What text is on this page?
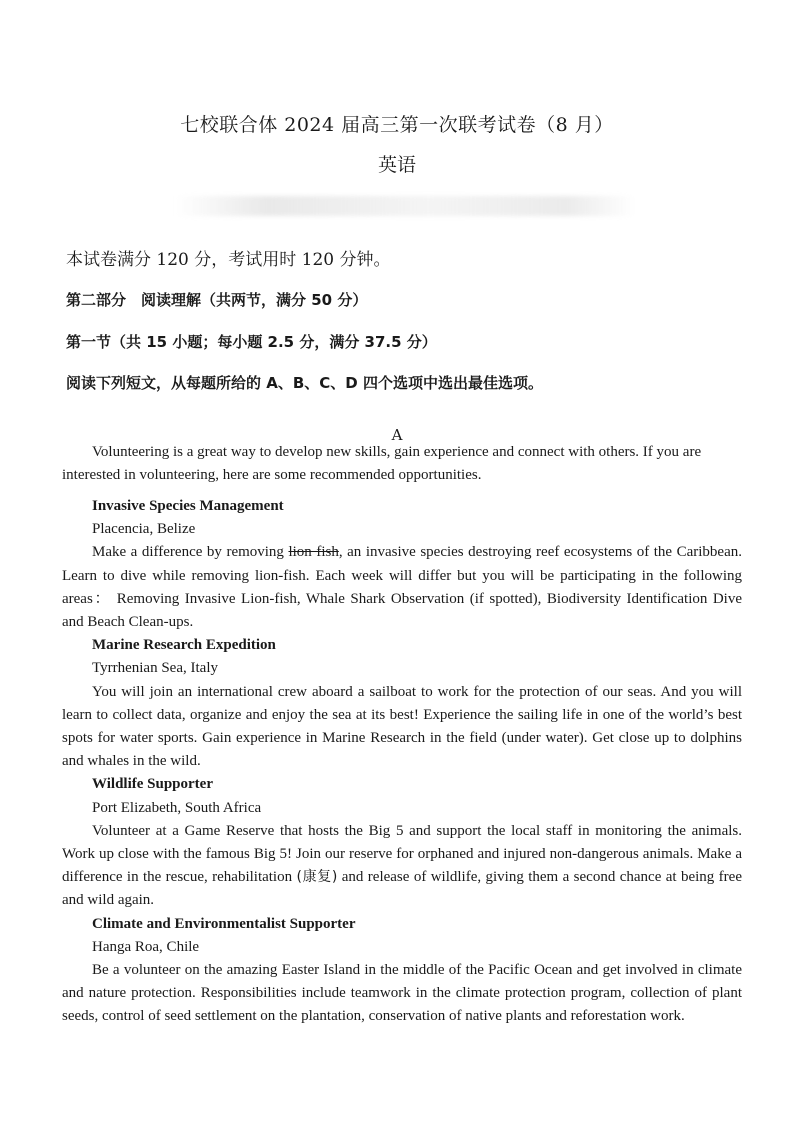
七校联合体 2024 届高三第一次联考试卷（8 月）
英语
本试卷满分 120 分，考试用时 120 分钟。
第二部分　阅读理解（共两节，满分 50 分）
第一节（共 15 小题；每小题 2.5 分，满分 37.5 分）
阅读下列短文，从每题所给的 A、B、C、D 四个选项中选出最佳选项。
A

Volunteering is a great way to develop new skills, gain experience and connect with others. If you are

interested in volunteering, here are some recommended opportunities.

Invasive Species Management

Placencia, Belize

Make a difference by removing lion fish, an invasive species destroying reef ecosystems of the Caribbean. Learn to dive while removing lion-fish. Each week will differ but you will be participating in the following areas： Removing Invasive Lion-fish, Whale Shark Observation (if spotted), Biodiversity Identification Dive and Beach Clean-ups.

Marine Research Expedition

Tyrrhenian Sea, Italy

You will join an international crew aboard a sailboat to work for the protection of our seas. And you will learn to collect data, organize and enjoy the sea at its best! Experience the sailing life in one of the world’s best spots for water sports. Gain experience in Marine Research in the field (under water). Get close up to dolphins and whales in the wild.

Wildlife Supporter

Port Elizabeth, South Africa

Volunteer at a Game Reserve that hosts the Big 5 and support the local staff in monitoring the animals. Work up close with the famous Big 5! Join our reserve for orphaned and injured non-dangerous animals. Make a difference in the rescue, rehabilitation (康复) and release of wildlife, giving them a second chance at being free and wild again.

Climate and Environmentalist Supporter

Hanga Roa, Chile

Be a volunteer on the amazing Easter Island in the middle of the Pacific Ocean and get involved in climate and nature protection. Responsibilities include teamwork in the climate protection program, collection of plant seeds, control of seed settlement on the plantation, conservation of native plants and reforestation work.
